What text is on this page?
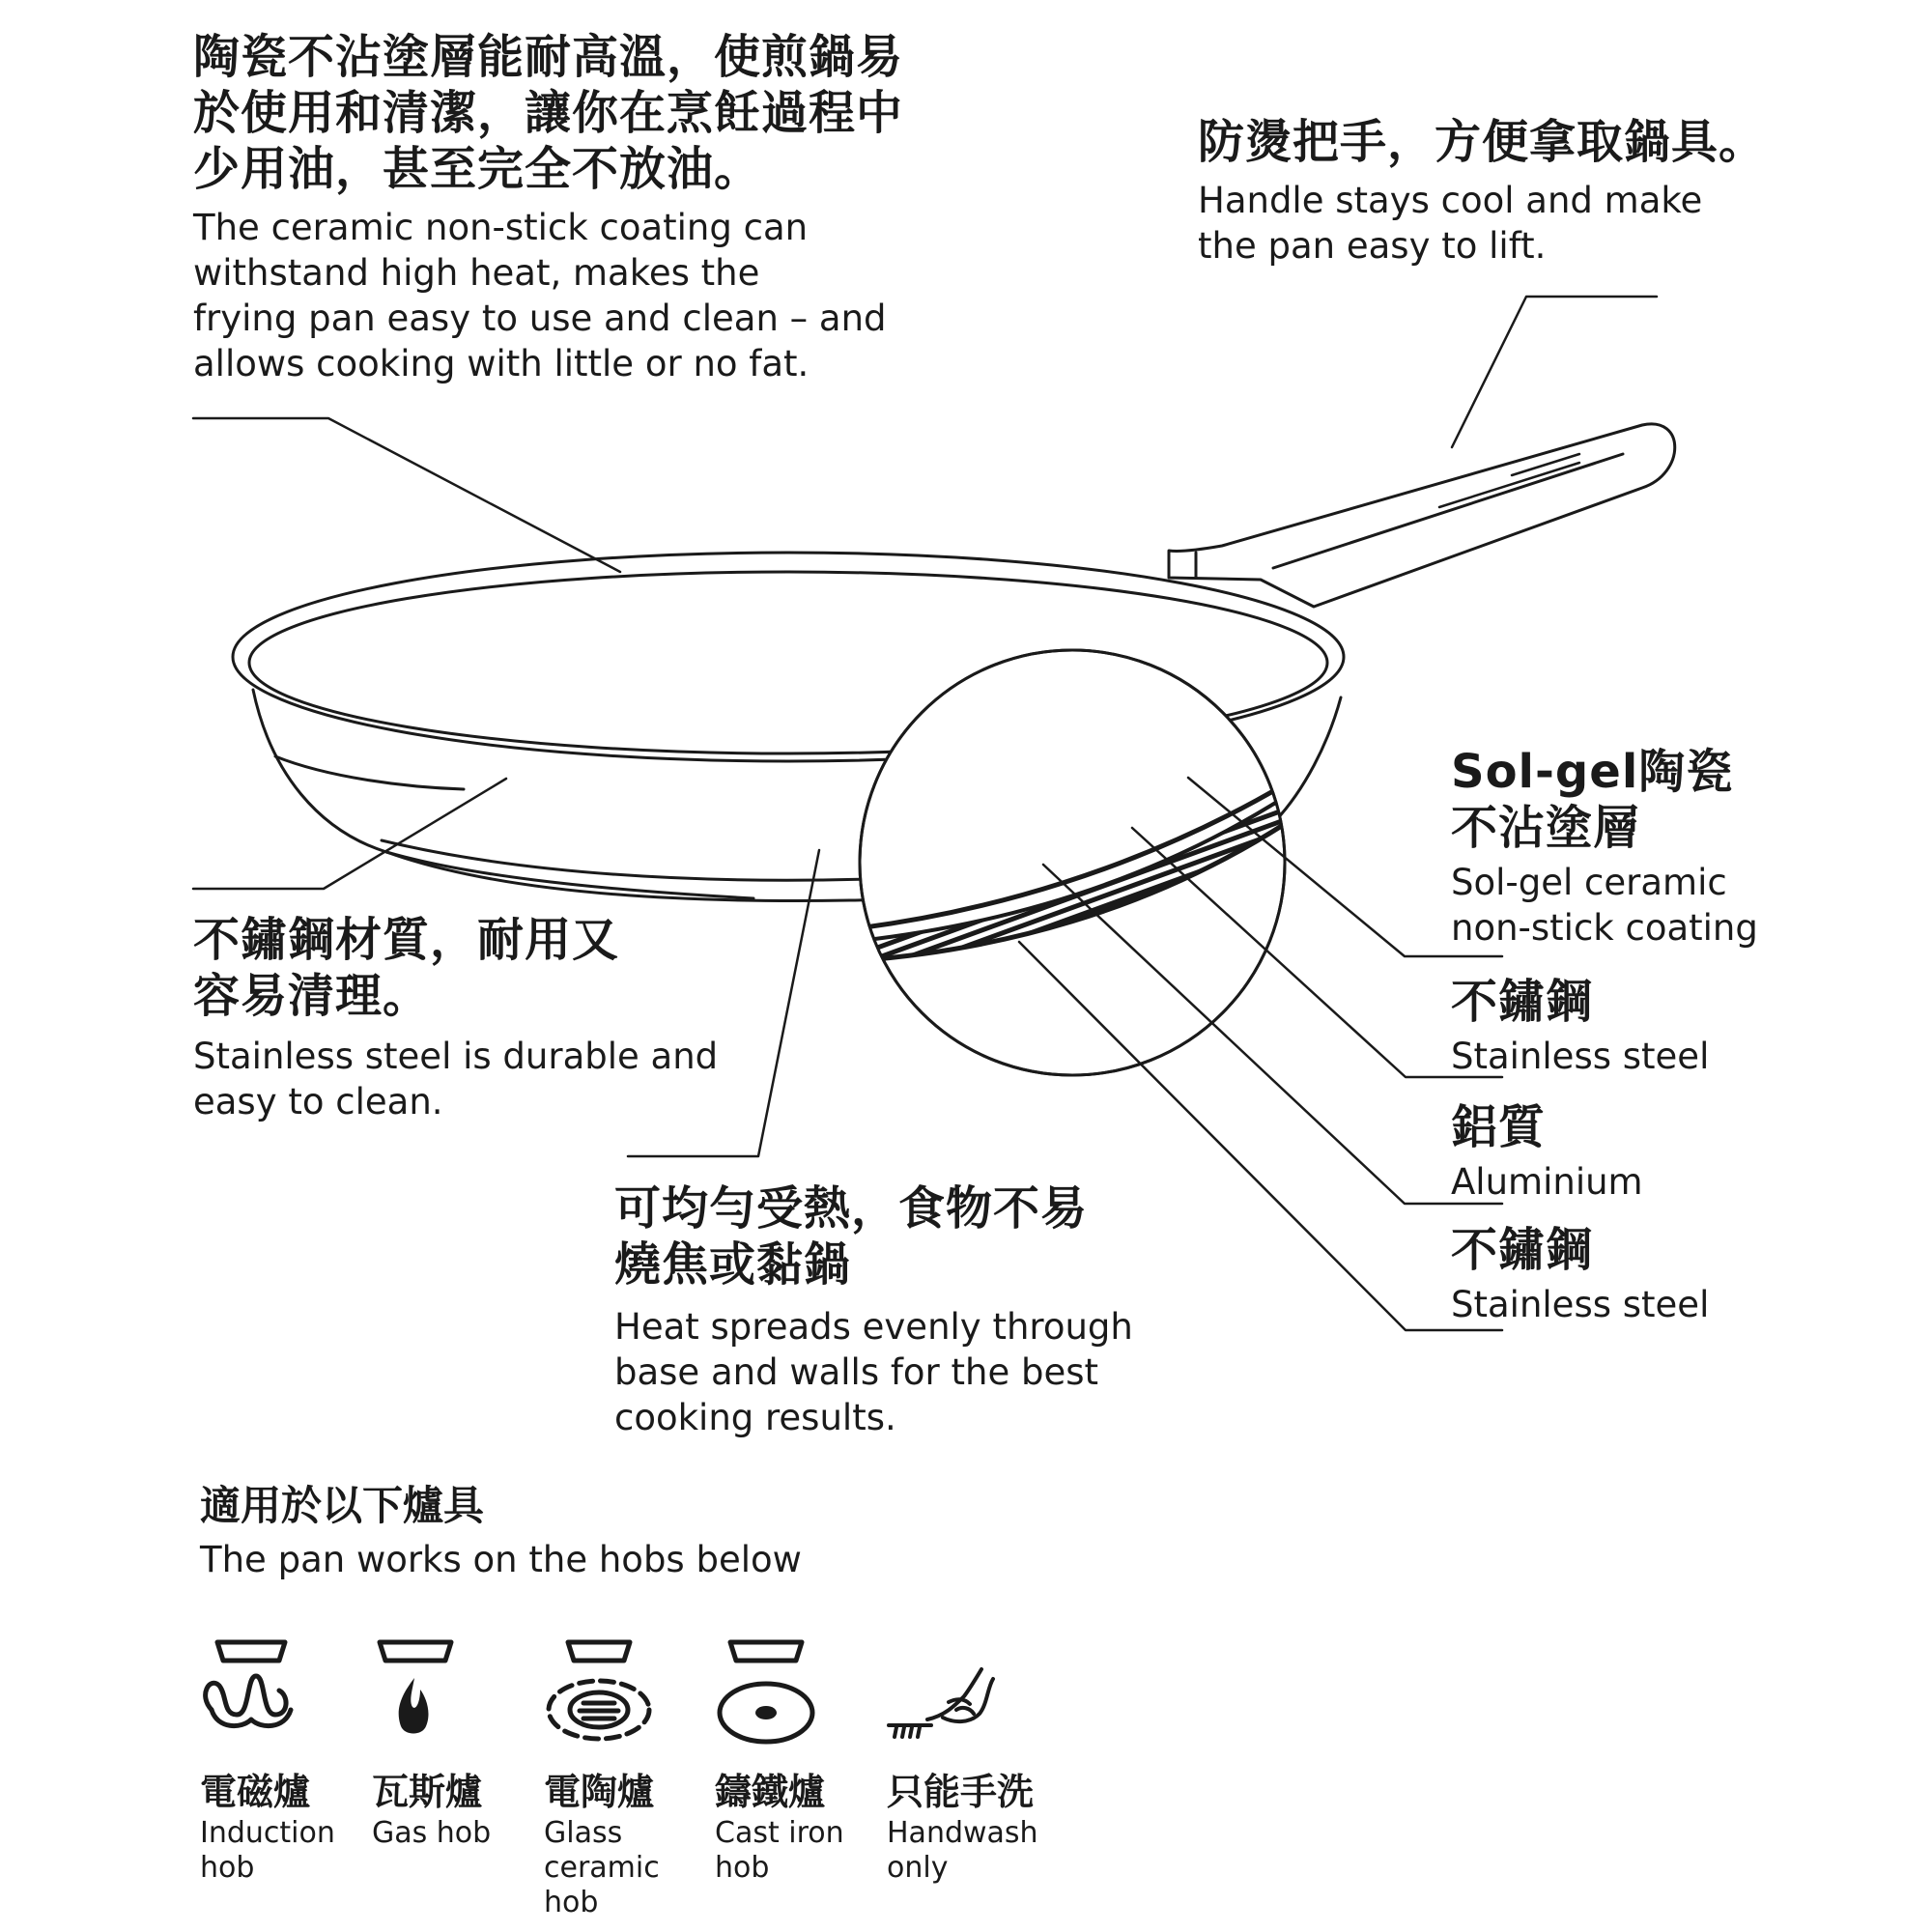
陶瓷不沾塗層能耐高溫，使煎鍋易
於使用和清潔，讓你在烹飪過程中
少用油，甚至完全不放油。
The ceramic non-stick coating can
withstand high heat, makes the
frying pan easy to use and clean – and
allows cooking with little or no fat.
防燙把手，方便拿取鍋具。
Handle stays cool and make
the pan easy to lift.
不鏽鋼材質，耐用又
容易清理。
Stainless steel is durable and
easy to clean.
可均勻受熱，食物不易
燒焦或黏鍋
Heat spreads evenly through
base and walls for the best
cooking results.
Sol-gel陶瓷
不沾塗層
Sol-gel ceramic
non-stick coating
不鏽鋼
Stainless steel
鋁質
Aluminium
不鏽鋼
Stainless steel
適用於以下爐具
The pan works on the hobs below
電磁爐
Induction
hob
瓦斯爐
Gas hob
電陶爐
Glass
ceramic
hob
鑄鐵爐
Cast iron
hob
只能手洗
Handwash
only
